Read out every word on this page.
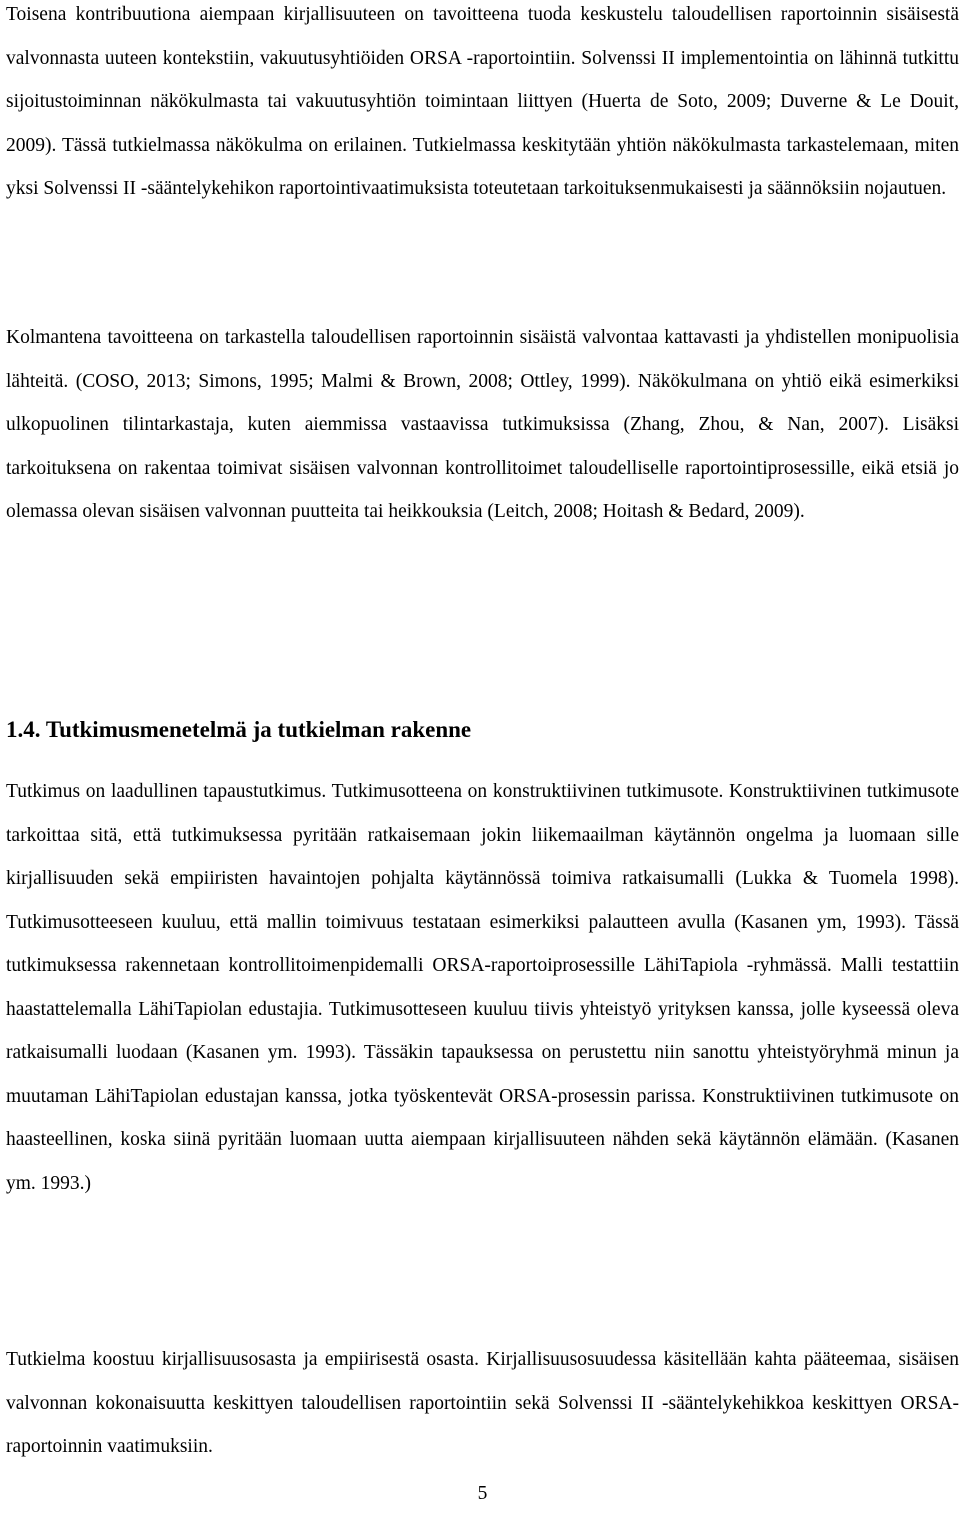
Toisena kontribuutiona aiempaan kirjallisuuteen on tavoitteena tuoda keskustelu taloudellisen raportoinnin sisäisestä valvonnasta uuteen kontekstiin, vakuutusyhtiöiden ORSA -raportointiin. Solvenssi II implementointia on lähinnä tutkittu sijoitustoiminnan näkökulmasta tai vakuutusyhtiön toimintaan liittyen (Huerta de Soto, 2009; Duverne & Le Douit, 2009). Tässä tutkielmassa näkökulma on erilainen. Tutkielmassa keskitytään yhtiön näkökulmasta tarkastelemaan, miten yksi Solvenssi II -sääntelykehikon raportointivaatimuksista toteutetaan tarkoituksenmukaisesti ja säännöksiin nojautuen.

Kolmantena tavoitteena on tarkastella taloudellisen raportoinnin sisäistä valvontaa kattavasti ja yhdistellen monipuolisia lähteitä. (COSO, 2013; Simons, 1995; Malmi & Brown, 2008; Ottley, 1999). Näkökulmana on yhtiö eikä esimerkiksi ulkopuolinen tilintarkastaja, kuten aiemmissa vastaavissa tutkimuksissa (Zhang, Zhou, & Nan, 2007). Lisäksi tarkoituksena on rakentaa toimivat sisäisen valvonnan kontrollitoimet taloudelliselle raportointiprosessille, eikä etsiä jo olemassa olevan sisäisen valvonnan puutteita tai heikkouksia (Leitch, 2008; Hoitash & Bedard, 2009).

1.4. Tutkimusmenetelmä ja tutkielman rakenne

Tutkimus on laadullinen tapaustutkimus. Tutkimusotteena on konstruktiivinen tutkimusote. Konstruktiivinen tutkimusote tarkoittaa sitä, että tutkimuksessa pyritään ratkaisemaan jokin liikemaailman käytännön ongelma ja luomaan sille kirjallisuuden sekä empiiristen havaintojen pohjalta käytännössä toimiva ratkaisumalli (Lukka & Tuomela 1998). Tutkimusotteeseen kuuluu, että mallin toimivuus testataan esimerkiksi palautteen avulla (Kasanen ym, 1993). Tässä tutkimuksessa rakennetaan kontrollitoimenpidemalli ORSA-raportoiprosessille LähiTapiola -ryhmässä. Malli testattiin haastattelemalla LähiTapiolan edustajia. Tutkimusotteseen kuuluu tiivis yhteistyö yrityksen kanssa, jolle kyseessä oleva ratkaisumalli luodaan (Kasanen ym. 1993). Tässäkin tapauksessa on perustettu niin sanottu yhteistyöryhmä minun ja muutaman LähiTapiolan edustajan kanssa, jotka työskentevät ORSA-prosessin parissa. Konstruktiivinen tutkimusote on haasteellinen, koska siinä pyritään luomaan uutta aiempaan kirjallisuuteen nähden sekä käytännön elämään. (Kasanen ym. 1993.)

Tutkielma koostuu kirjallisuusosasta ja empiirisestä osasta. Kirjallisuusosuudessa käsitellään kahta pääteemaa, sisäisen valvonnan kokonaisuutta keskittyen taloudellisen raportointiin sekä Solvenssi II -sääntelykehikkoa keskittyen ORSA-raportoinnin vaatimuksiin.

5
